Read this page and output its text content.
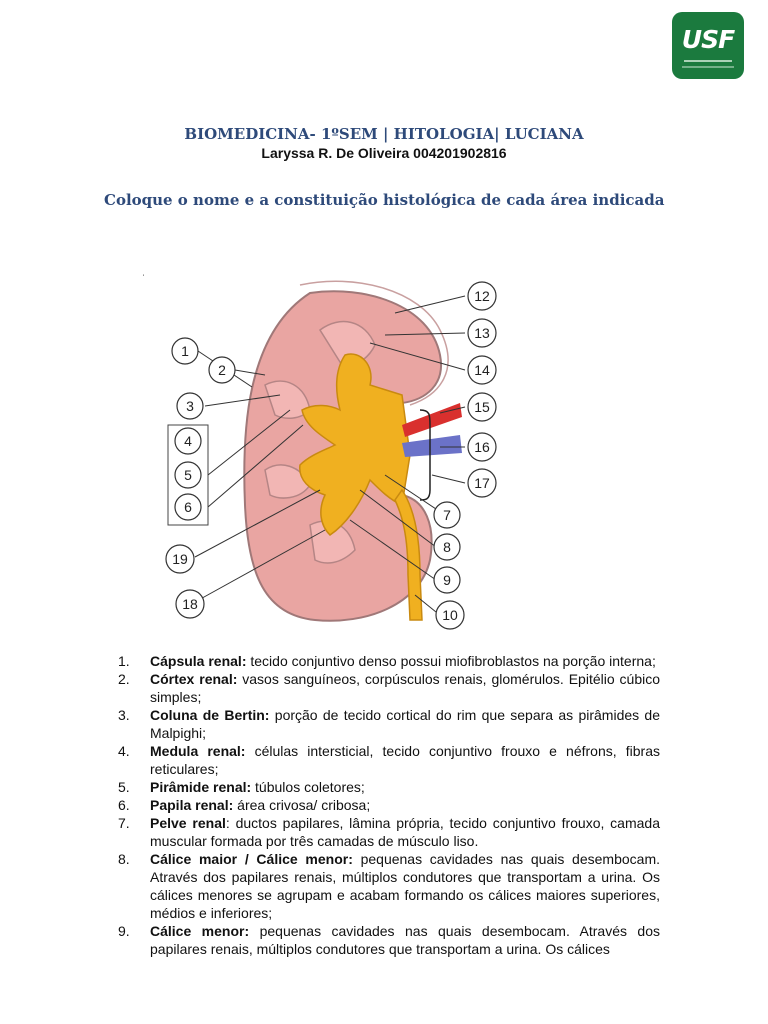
USF
BIOMEDICINA- 1ºSEM | HITOLOGIA| LUCIANA
Laryssa R. De Oliveira 004201902816
Coloque o nome e a constituição histológica de cada área indicada
ˈ
1
2
3
4
5
6	7
8
9
10
12
13
14
15
16
17
18
19
1.	Cápsula renal: tecido conjuntivo denso possui miofibroblastos na porção interna;
2.	Córtex renal: vasos sanguíneos, corpúsculos renais, glomérulos. Epitélio cúbico simples;
3.	Coluna de Bertin: porção de tecido cortical do rim que separa as pirâmides de Malpighi;
4.	Medula renal: células intersticial, tecido conjuntivo frouxo e néfrons, fibras reticulares;
5.	Pirâmide renal: túbulos coletores;
6.	Papila renal: área crivosa/ cribosa;
7.	Pelve renal: ductos papilares, lâmina própria, tecido conjuntivo frouxo, camada muscular formada por três camadas de músculo liso.
8.	Cálice maior / Cálice menor: pequenas cavidades nas quais desembocam. Através dos papilares renais, múltiplos condutores que transportam a urina. Os cálices menores se agrupam e acabam formando os cálices maiores superiores, médios e inferiores;
9.	Cálice menor: pequenas cavidades nas quais desembocam. Através dos papilares renais, múltiplos condutores que transportam a urina. Os cálices
